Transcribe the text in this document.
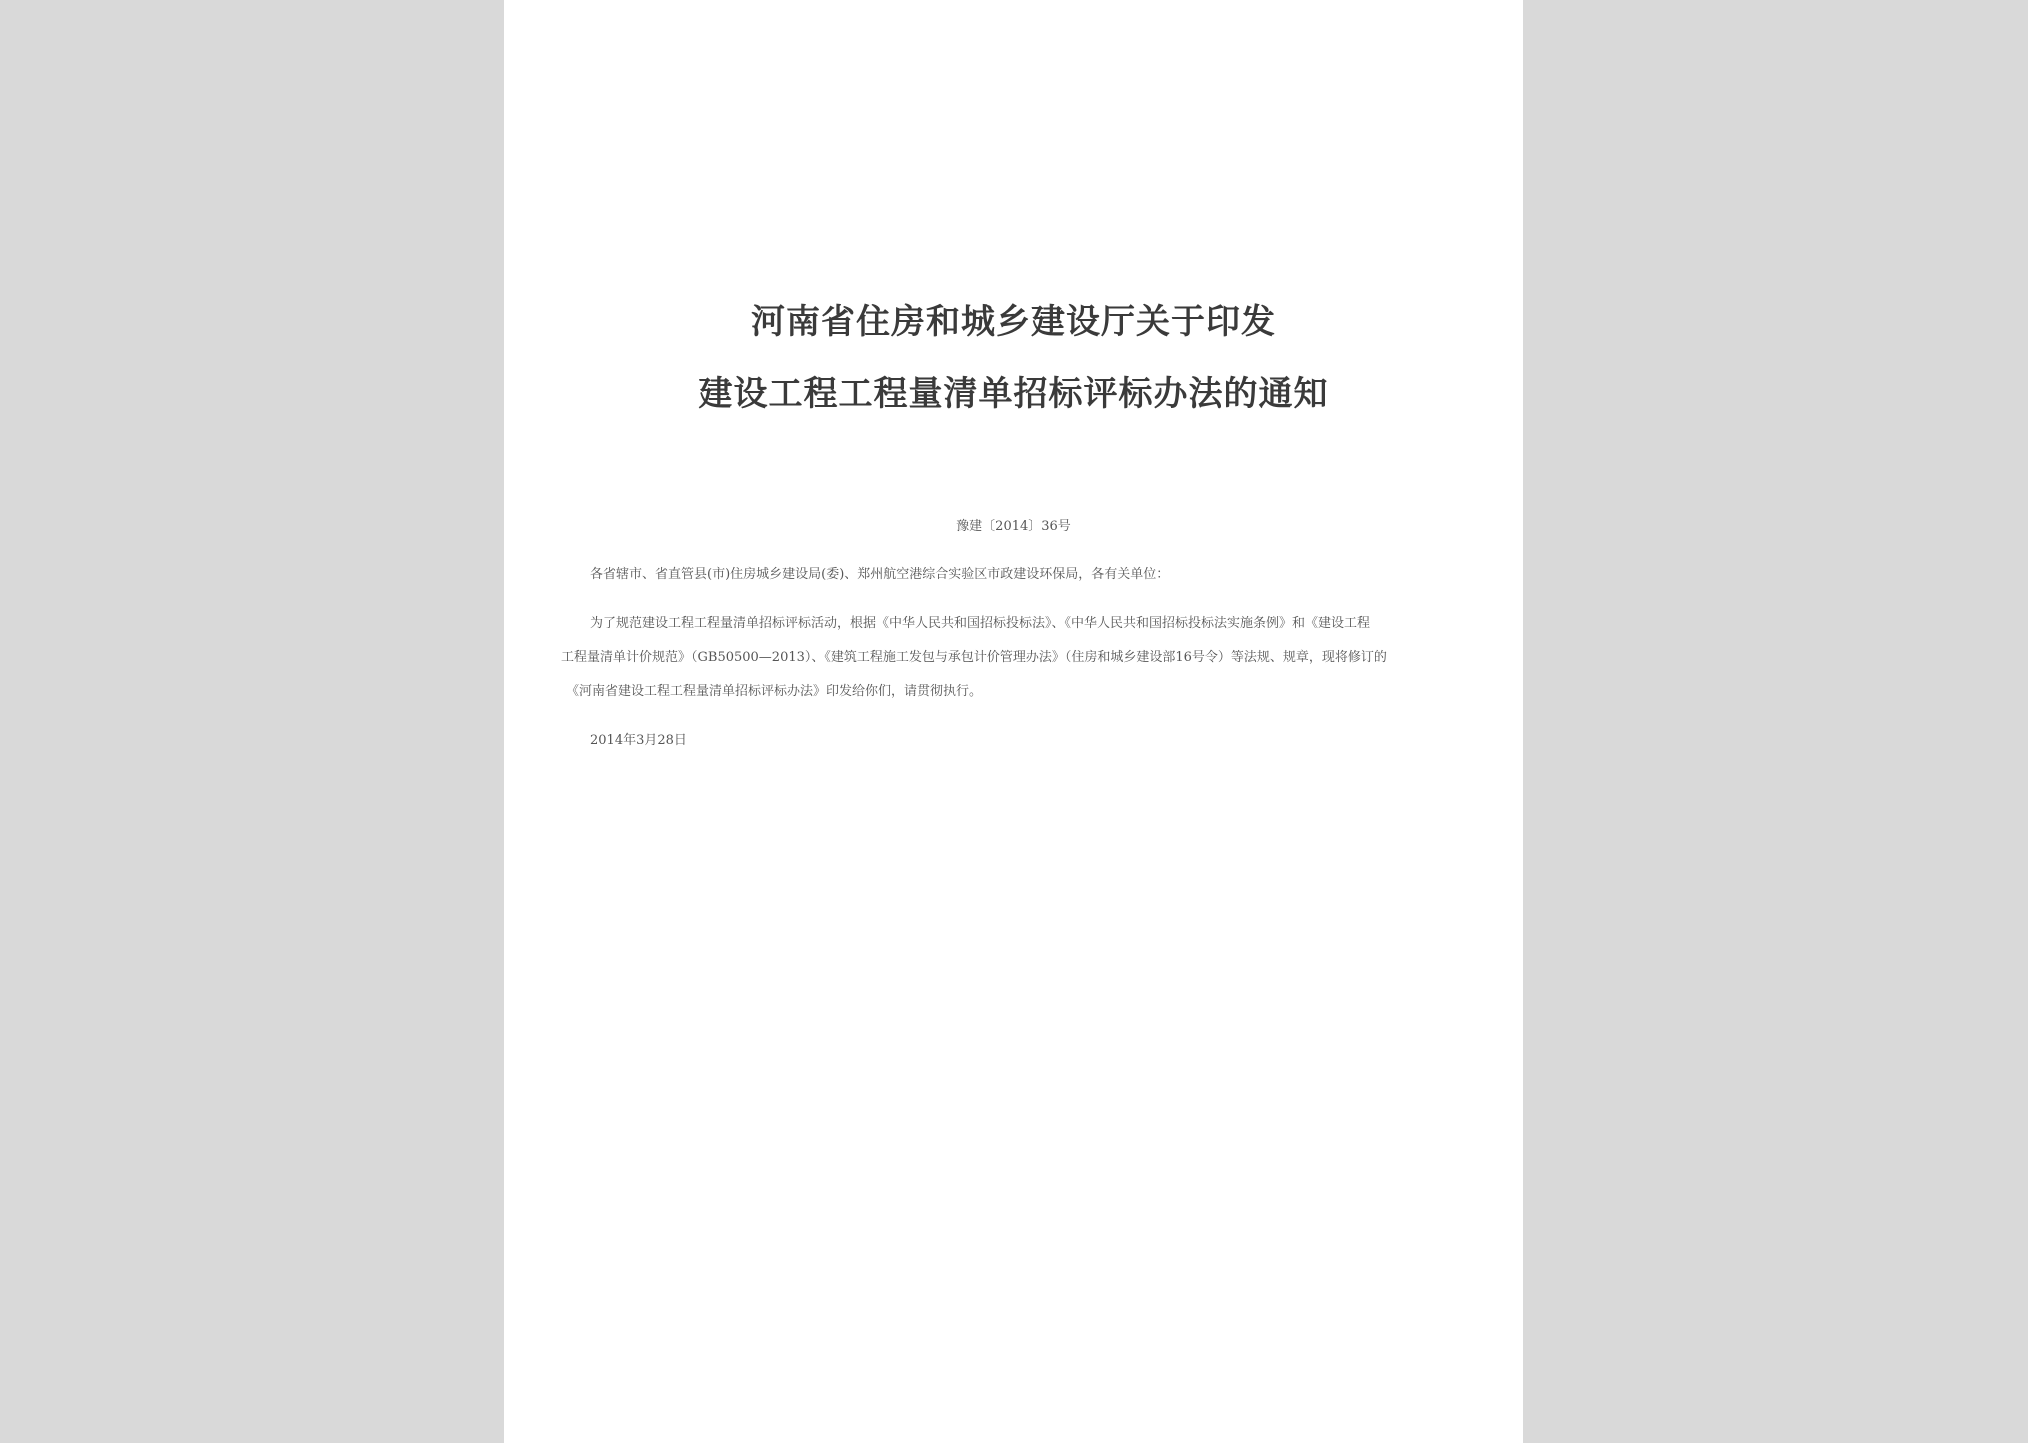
河南省住房和城乡建设厅关于印发
建设工程工程量清单招标评标办法的通知
豫建〔2014〕36号
各省辖市、省直管县(市)住房城乡建设局(委)、郑州航空港综合实验区市政建设环保局，各有关单位：
为了规范建设工程工程量清单招标评标活动，根据《中华人民共和国招标投标法》、《中华人民共和国招标投标法实施条例》和《建设工程
工程量清单计价规范》（GB50500—2013）、《建筑工程施工发包与承包计价管理办法》（住房和城乡建设部16号令）等法规、规章，现将修订的
《河南省建设工程工程量清单招标评标办法》印发给你们，请贯彻执行。
2014年3月28日
